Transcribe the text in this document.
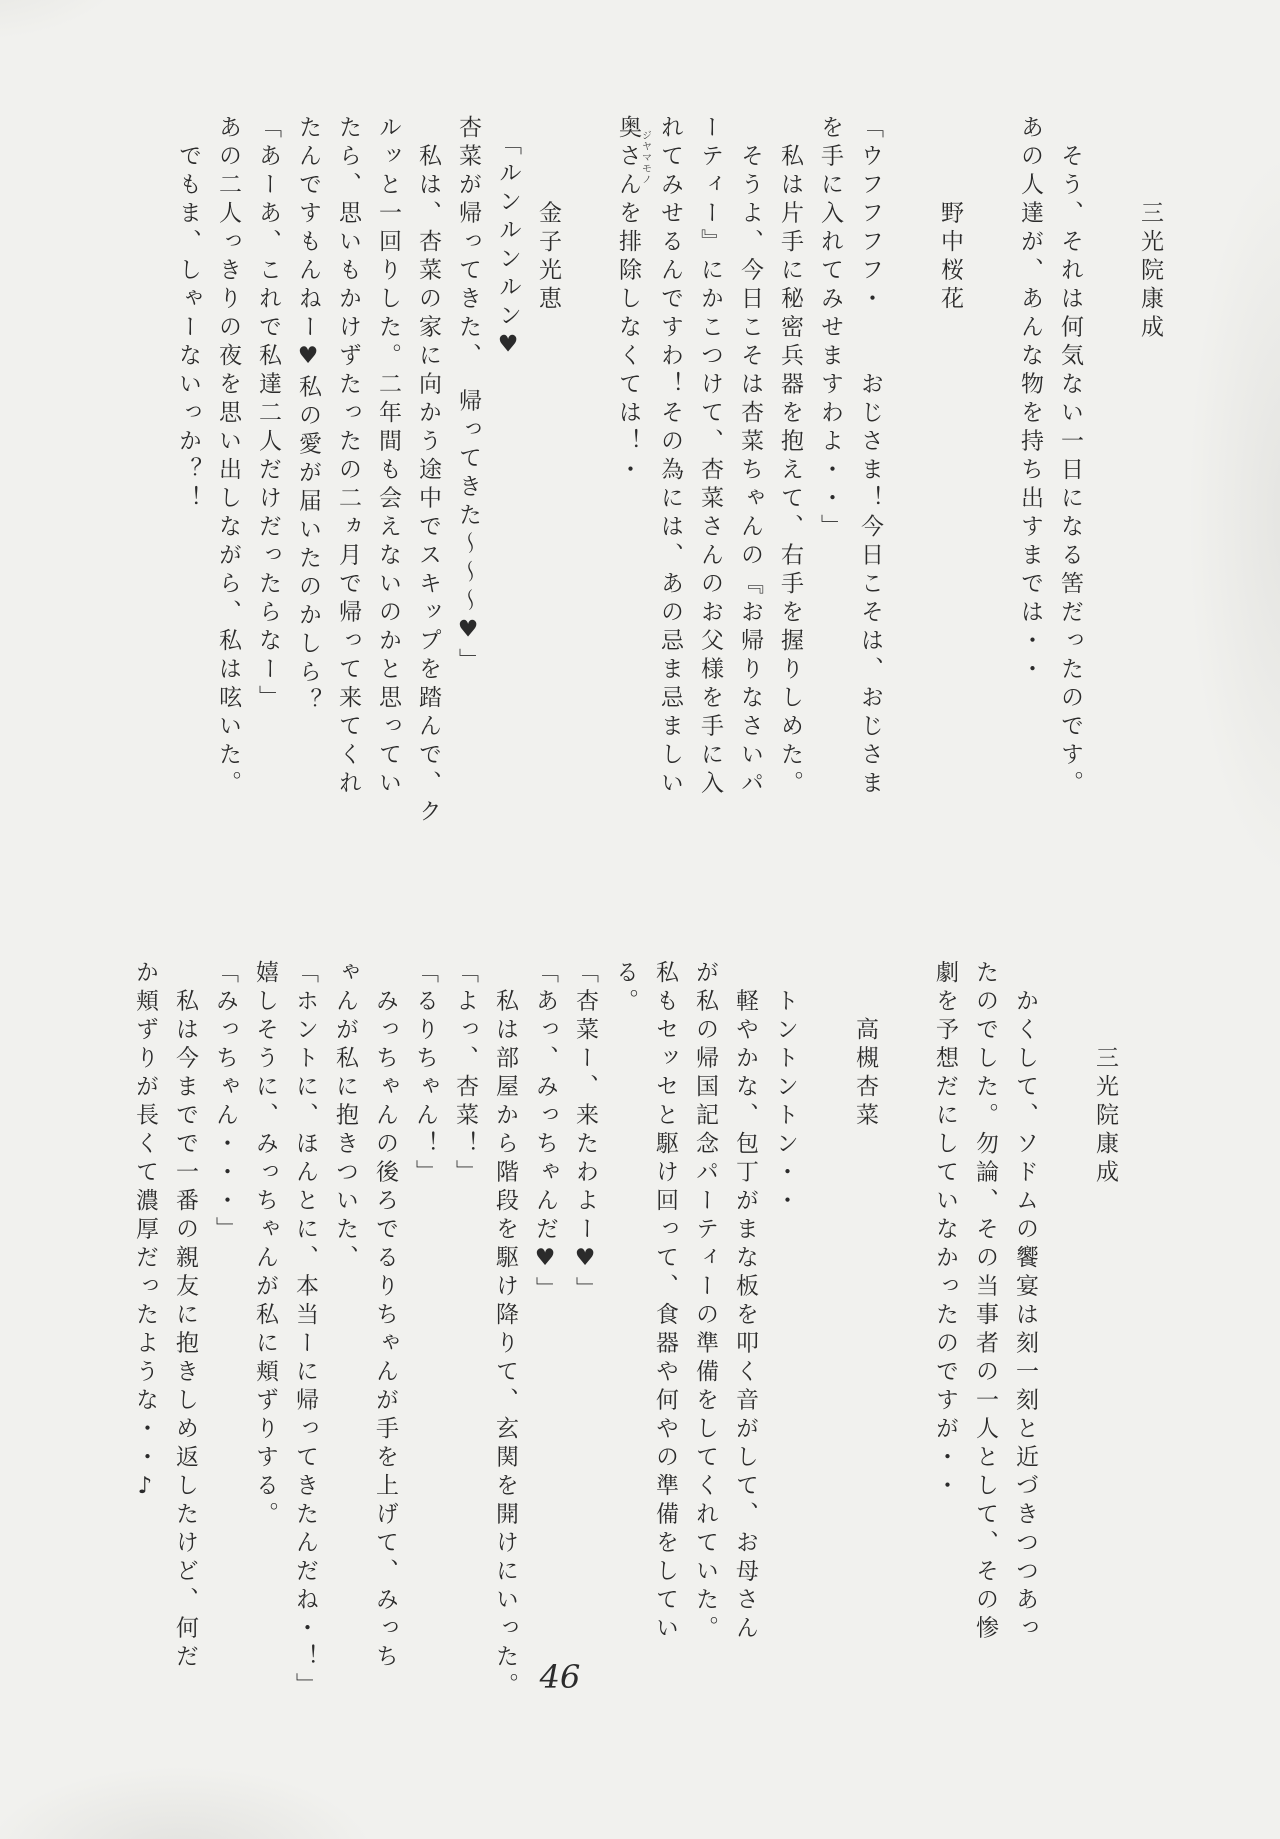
　　　三光院康成

　そう、それは何気ない一日になる筈だったのです。

あの人達が、あんな物を持ち出すまでは・・

　　　野中桜花

「ウフフフフ・　　おじさま！今日こそは、おじさま

を手に入れてみせますわよ・・」

　私は片手に秘密兵器を抱えて、右手を握りしめた。

　そうよ、今日こそは杏菜ちゃんの『お帰りなさいパ

ーティー』にかこつけて、杏菜さんのお父様を手に入

れてみせるんですわ！その為には、あの忌ま忌ましい

奥さんジヤマモノを排除しなくては！・

　　　金子光恵

　「ルンルンルン♥

杏菜が帰ってきた、　帰ってきた～～～♥」

　私は、杏菜の家に向かう途中でスキップを踏んで、ク

ルッと一回りした。二年間も会えないのかと思ってい

たら、思いもかけずたったの二ヵ月で帰って来てくれ

たんですもんねー♥私の愛が届いたのかしら？

「あーあ、これで私達二人だけだったらなー」

あの二人っきりの夜を思い出しながら、私は呟いた。

　でもま、しゃーないっか？！

　　　三光院康成

　かくして、ソドムの饗宴は刻一刻と近づきつつあっ

たのでした。勿論、その当事者の一人として、その惨

劇を予想だにしていなかったのですが・・

　　高槻杏菜

　トントントン・・

　軽やかな、包丁がまな板を叩く音がして、お母さん

が私の帰国記念パーティーの準備をしてくれていた。

私もセッセと駆け回って、食器や何やの準備をしてい

る。

「杏菜ー、来たわよー♥」

「あっ、みっちゃんだ♥」

　私は部屋から階段を駆け降りて、玄関を開けにいった。

「よっ、杏菜！」

「るりちゃん！」

　みっちゃんの後ろでるりちゃんが手を上げて、みっち

ゃんが私に抱きついた、

「ホントに、ほんとに、本当ーに帰ってきたんだね・！」

嬉しそうに、みっちゃんが私に頬ずりする。

「みっちゃん・・・」

　私は今までで一番の親友に抱きしめ返したけど、何だ

か頬ずりが長くて濃厚だったような・・♪

46
